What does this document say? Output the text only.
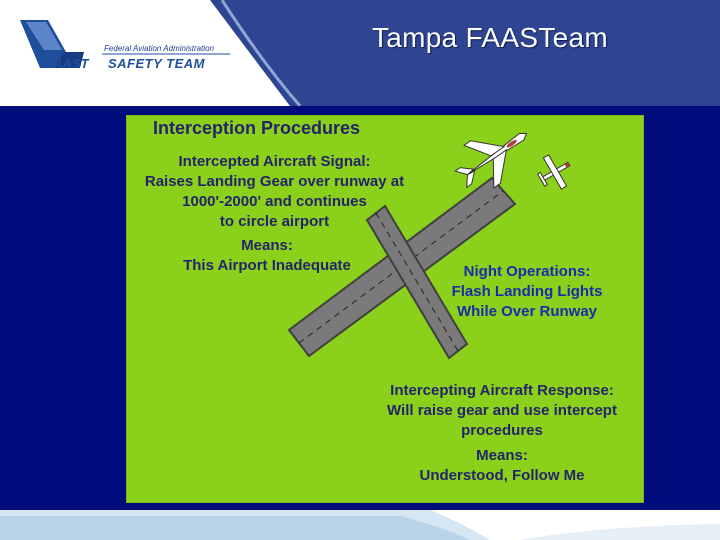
Federal Aviation Administration
FAAST SAFETY TEAM
Tampa FAASTeam
Interception Procedures
Intercepted Aircraft Signal:
Raises Landing Gear over runway at
1000'-2000' and continues
to circle airport
Means:
This Airport Inadequate	Night Operations:
Flash Landing Lights
While Over Runway
Intercepting Aircraft Response:
Will raise gear and use intercept
procedures
Means:
Understood, Follow Me
